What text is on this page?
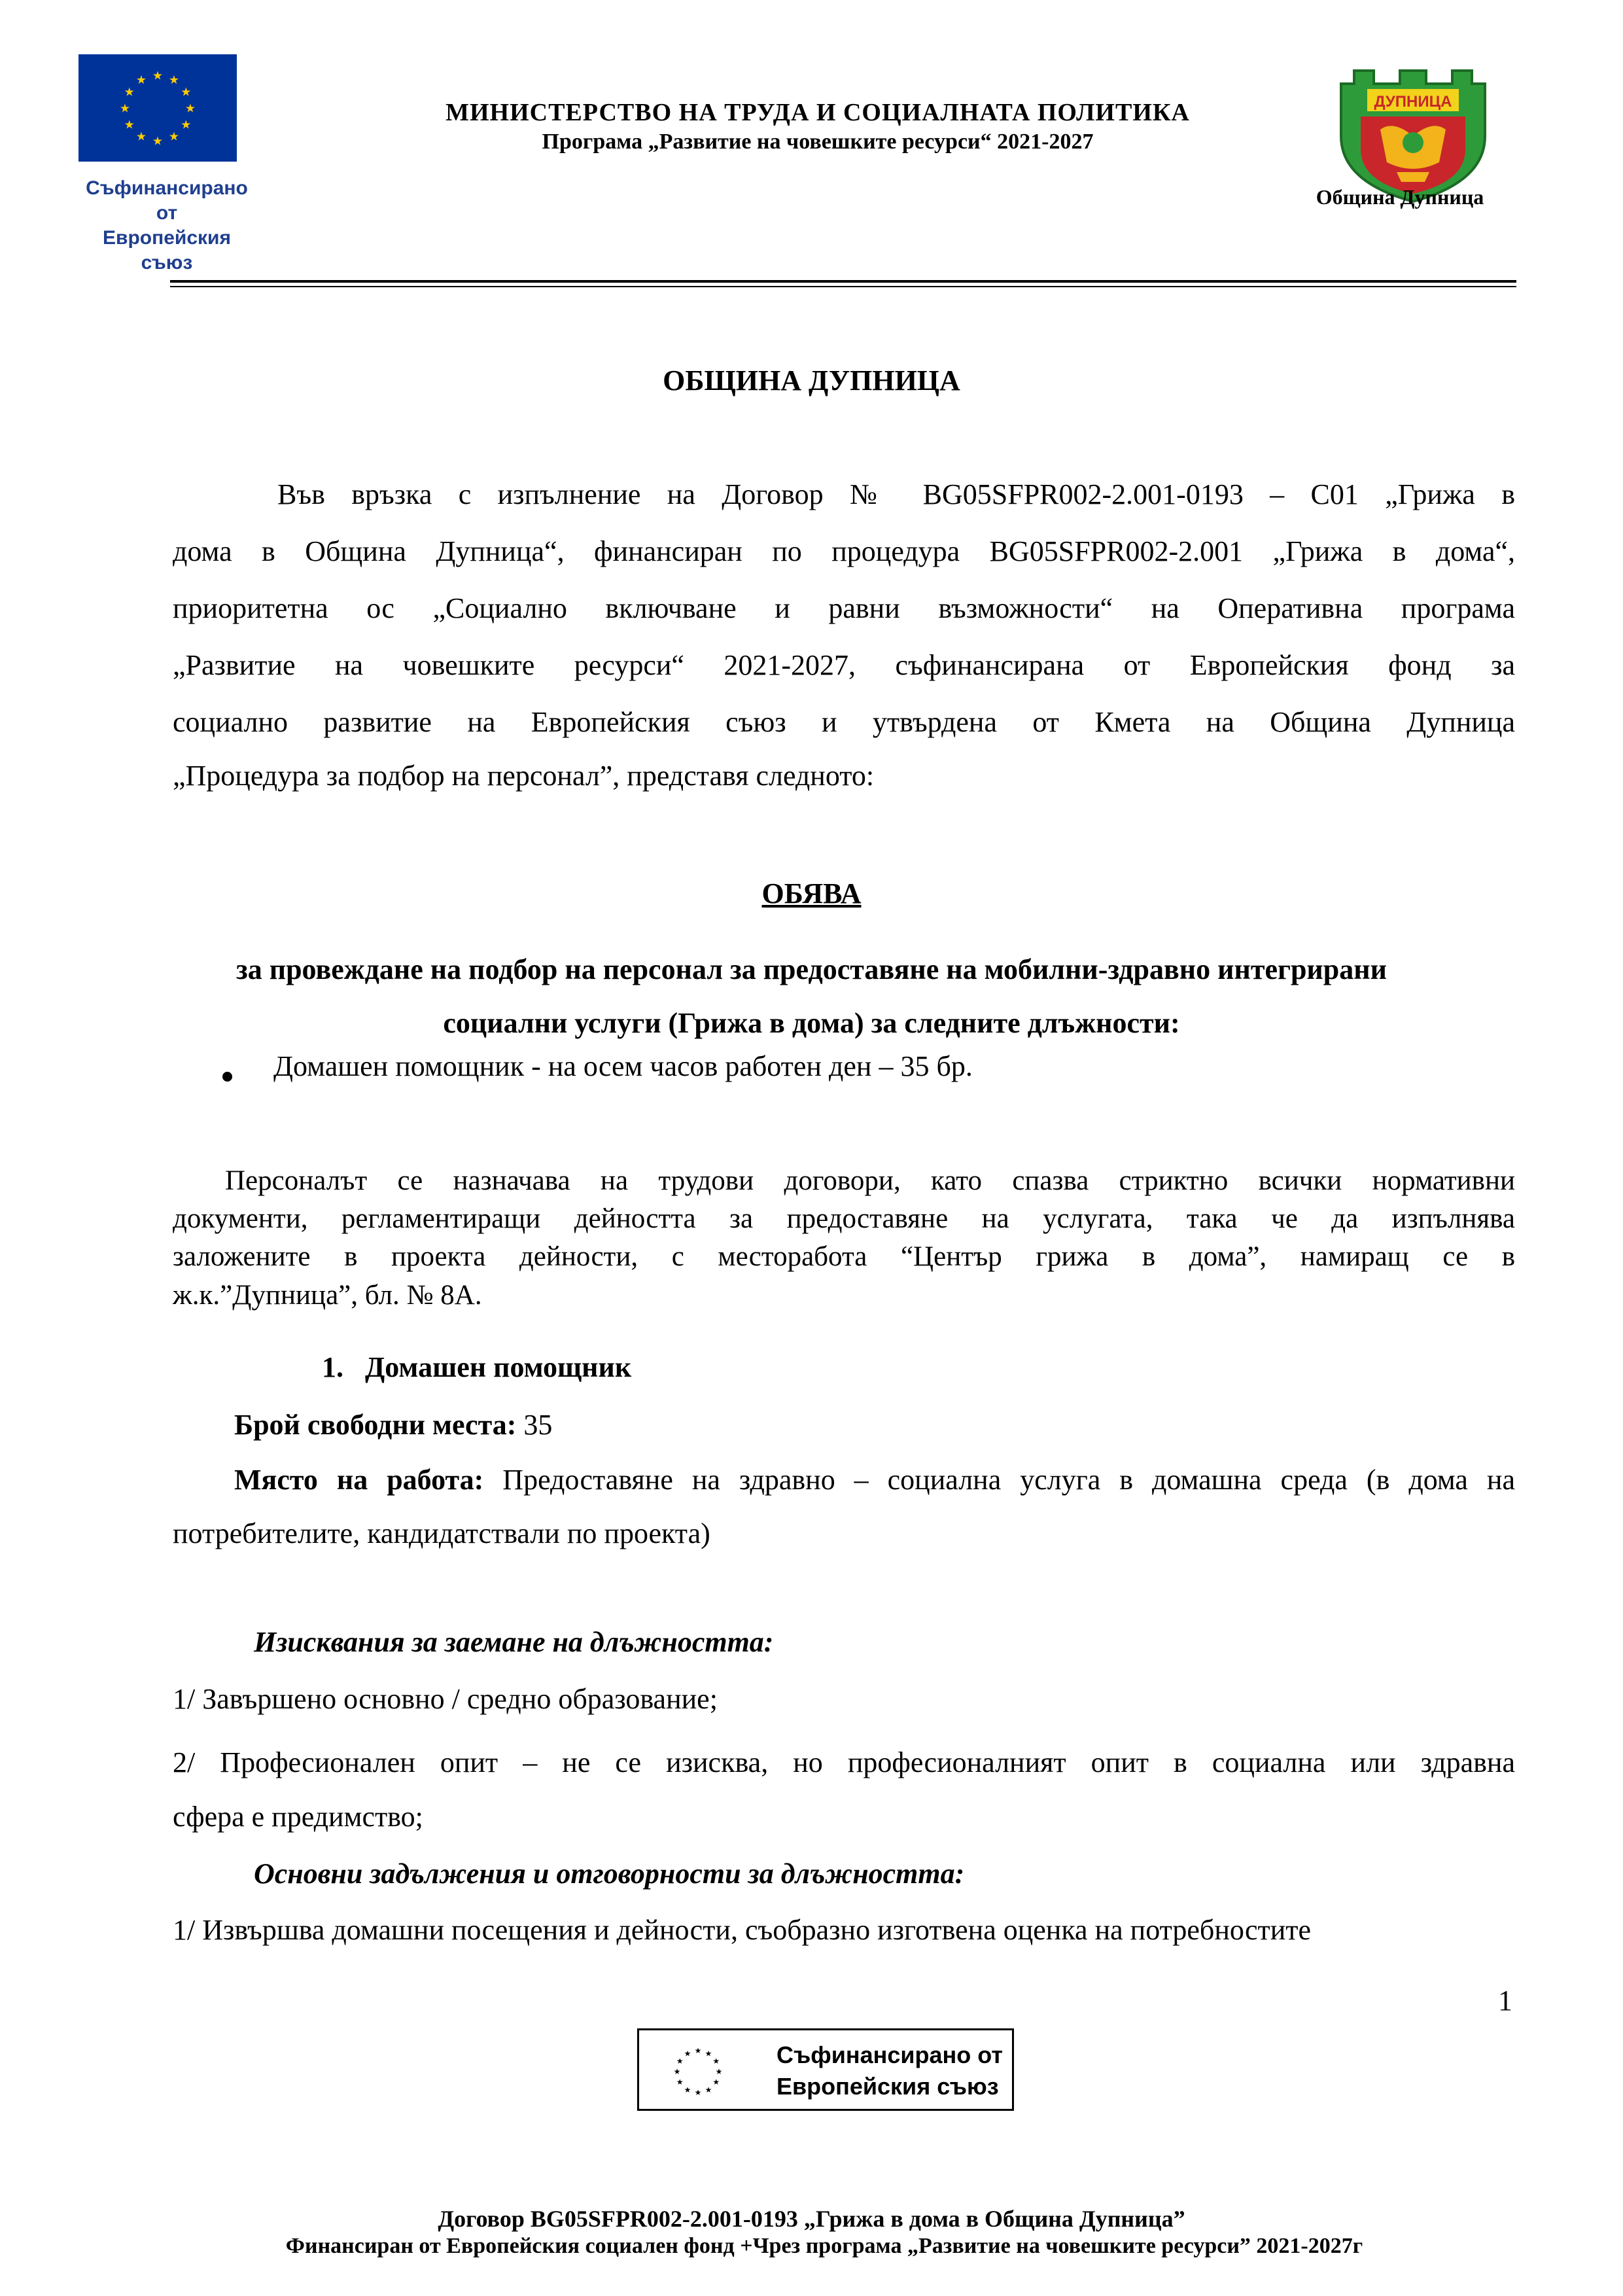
★
★
★
★
★
★
★
★
★ ★ ★
★
Съфинансирано от
Европейския съюз
МИНИСТЕРСТВО НА ТРУДА И СОЦИАЛНАТА ПОЛИТИКА
Програма „Развитие на човешките ресурси“ 2021-2027
ДУПНИЦА
Община Дупница
ОБЩИНА ДУПНИЦА
Във връзка с изпълнение на Договор № BG05SFPR002-2.001-0193 – С01 „Грижа в
дома в Община Дупница“, финансиран по процедура BG05SFPR002-2.001 „Грижа в дома“,
приоритетна ос „Социално включване и равни възможности“ на Оперативна програма
„Развитие на човешките ресурси“ 2021-2027, съфинансирана от Европейския фонд за
социално развитие на Европейския съюз и утвърдена от Кмета на Община Дупница
„Процедура за подбор на персонал”, представя следното:
ОБЯВА
за провеждане на подбор на персонал за предоставяне на мобилни-здравно интегрирани
социални услуги (Грижа в дома) за следните длъжности:
Домашен помощник - на осем часов работен ден – 35 бр.
Персоналът се назначава на трудови договори, като спазва стриктно всички нормативни
документи, регламентиращи дейността за предоставяне на услугата, така че да изпълнява
заложените в проекта дейности, с месторабота “Център грижа в дома”, намиращ се в
ж.к.”Дупница”, бл. № 8А.
1. Домашен помощник
Брой свободни места: 35
Място на работа: Предоставяне на здравно – социална услуга в домашна среда (в дома на
потребителите, кандидатствали по проекта)
Изисквания за заемане на длъжността:
1/ Завършено основно / средно образование;
2/ Професионален опит – не се изисква, но професионалният опит в социална или здравна
сфера е предимство;
Основни задължения и отговорности за длъжността:
1/ Извършва домашни посещения и дейности, съобразно изготвена оценка на потребностите
1
★
★
★
★
★
★
★
★
★ ★ ★
★ Съфинансирано от
Европейския съюз
Договор BG05SFPR002-2.001-0193 „Грижа в дома в Община Дупница”
Финансиран от Европейския социален фонд +Чрез програма „Развитие на човешките ресурси” 2021-2027г
